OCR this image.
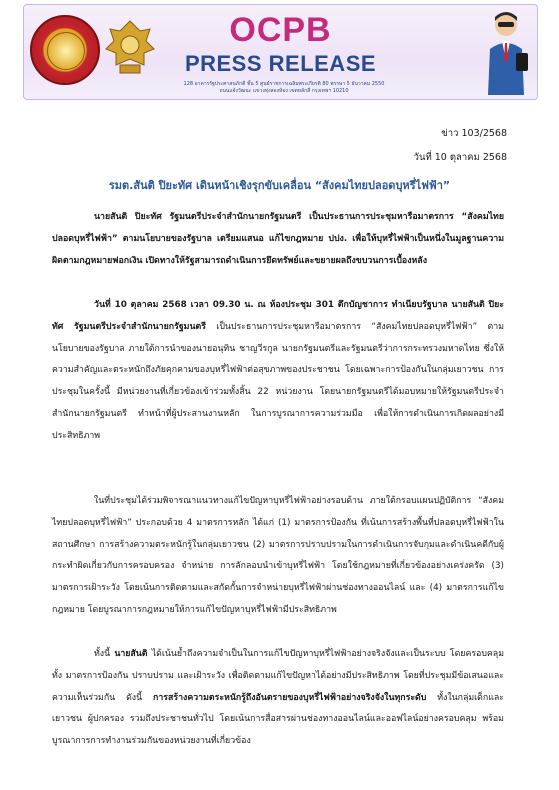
OCPB
PRESS RELEASE
128 อาคารรัฐประศาสนภักดี ชั้น 5 ศูนย์ราชการเฉลิมพระเกียรติ 80 พรรษา 5 ธันวาคม 2550
ถนนแจ้งวัฒนะ แขวงทุ่งสองห้อง เขตหลักสี่ กรุงเทพฯ 10210
ข่าว 103/2568
วันที่ 10 ตุลาคม 2568
รมต.สันติ ปิยะทัศ เดินหน้าเชิงรุกขับเคลื่อน “สังคมไทยปลอดบุหรี่ไฟฟ้า”
นายสันติ ปิยะทัศ รัฐมนตรีประจำสำนักนายกรัฐมนตรี เป็นประธานการประชุมหารือมาตรการ “สังคมไทยปลอดบุหรี่ไฟฟ้า” ตามนโยบายของรัฐบาล เตรียมแสนอ แก้ไขกฎหมาย ปปง. เพื่อให้บุหรี่ไฟฟ้าเป็นหนึ่งในมูลฐานความผิดตามกฎหมายฟอกเงิน เปิดทางให้รัฐสามารถดำเนินการยึดทรัพย์และขยายผลถึงขบวนการเบื้องหลัง
วันที่ 10 ตุลาคม 2568 เวลา 09.30 น. ณ ห้องประชุม 301 ตึกบัญชาการ ทำเนียบรัฐบาล นายสันติ ปิยะทัศ รัฐมนตรีประจำสำนักนายกรัฐมนตรี เป็นประธานการประชุมหารือมาตรการ “สังคมไทยปลอดบุหรี่ไฟฟ้า” ตามนโยบายของรัฐบาล ภายใต้การนำของนายอนุทิน ชาญวีรกูล นายกรัฐมนตรีและรัฐมนตรีว่าการกระทรวงมหาดไทย ซึ่งให้ความสำคัญและตระหนักถึงภัยคุกคามของบุหรี่ไฟฟ้าต่อสุขภาพของประชาชน โดยเฉพาะการป้องกันในกลุ่มเยาวชน การประชุมในครั้งนี้ มีหน่วยงานที่เกี่ยวข้องเข้าร่วมทั้งสิ้น 22 หน่วยงาน โดยนายกรัฐมนตรีได้มอบหมายให้รัฐมนตรีประจำสำนักนายกรัฐมนตรี ทำหน้าที่ผู้ประสานงานหลัก ในการบูรณาการความร่วมมือ เพื่อให้การดำเนินการเกิดผลอย่างมีประสิทธิภาพ
ในที่ประชุมได้ร่วมพิจารณาแนวทางแก้ไขปัญหาบุหรี่ไฟฟ้าอย่างรอบด้าน ภายใต้กรอบแผนปฏิบัติการ “สังคมไทยปลอดบุหรี่ไฟฟ้า” ประกอบด้วย 4 มาตรการหลัก ได้แก่ (1) มาตรการป้องกัน ที่เน้นการสร้างพื้นที่ปลอดบุหรี่ไฟฟ้าในสถานศึกษา การสร้างความตระหนักรู้ในกลุ่มเยาวชน (2) มาตรการปราบปรามในการดำเนินการจับกุมและดำเนินคดีกับผู้กระทำผิดเกี่ยวกับการครอบครอง จำหน่าย การลักลอบนำเข้าบุหรี่ไฟฟ้า โดยใช้กฎหมายที่เกี่ยวข้องอย่างเคร่งครัด (3) มาตรการเฝ้าระวัง โดยเน้นการติดตามและสกัดกั้นการจำหน่ายบุหรี่ไฟฟ้าผ่านช่องทางออนไลน์ และ (4) มาตรการแก้ไขกฎหมาย โดยบูรณาการกฎหมายให้การแก้ไขปัญหาบุหรี่ไฟฟ้ามีประสิทธิภาพ
ทั้งนี้ นายสันติ ได้เน้นย้ำถึงความจำเป็นในการแก้ไขปัญหาบุหรี่ไฟฟ้าอย่างจริงจังและเป็นระบบ โดยครอบคลุมทั้ง มาตรการป้องกัน ปราบปราม และเฝ้าระวัง เพื่อติดตามแก้ไขปัญหาได้อย่างมีประสิทธิภาพ โดยที่ประชุมมีข้อเสนอและความเห็นร่วมกัน ดังนี้ การสร้างความตระหนักรู้ถึงอันตรายของบุหรี่ไฟฟ้าอย่างจริงจังในทุกระดับ ทั้งในกลุ่มเด็กและเยาวชน ผู้ปกครอง รวมถึงประชาชนทั่วไป โดยเน้นการสื่อสารผ่านช่องทางออนไลน์และออฟไลน์อย่างครอบคลุม พร้อมบูรณาการการทำงานร่วมกันของหน่วยงานที่เกี่ยวข้อง
